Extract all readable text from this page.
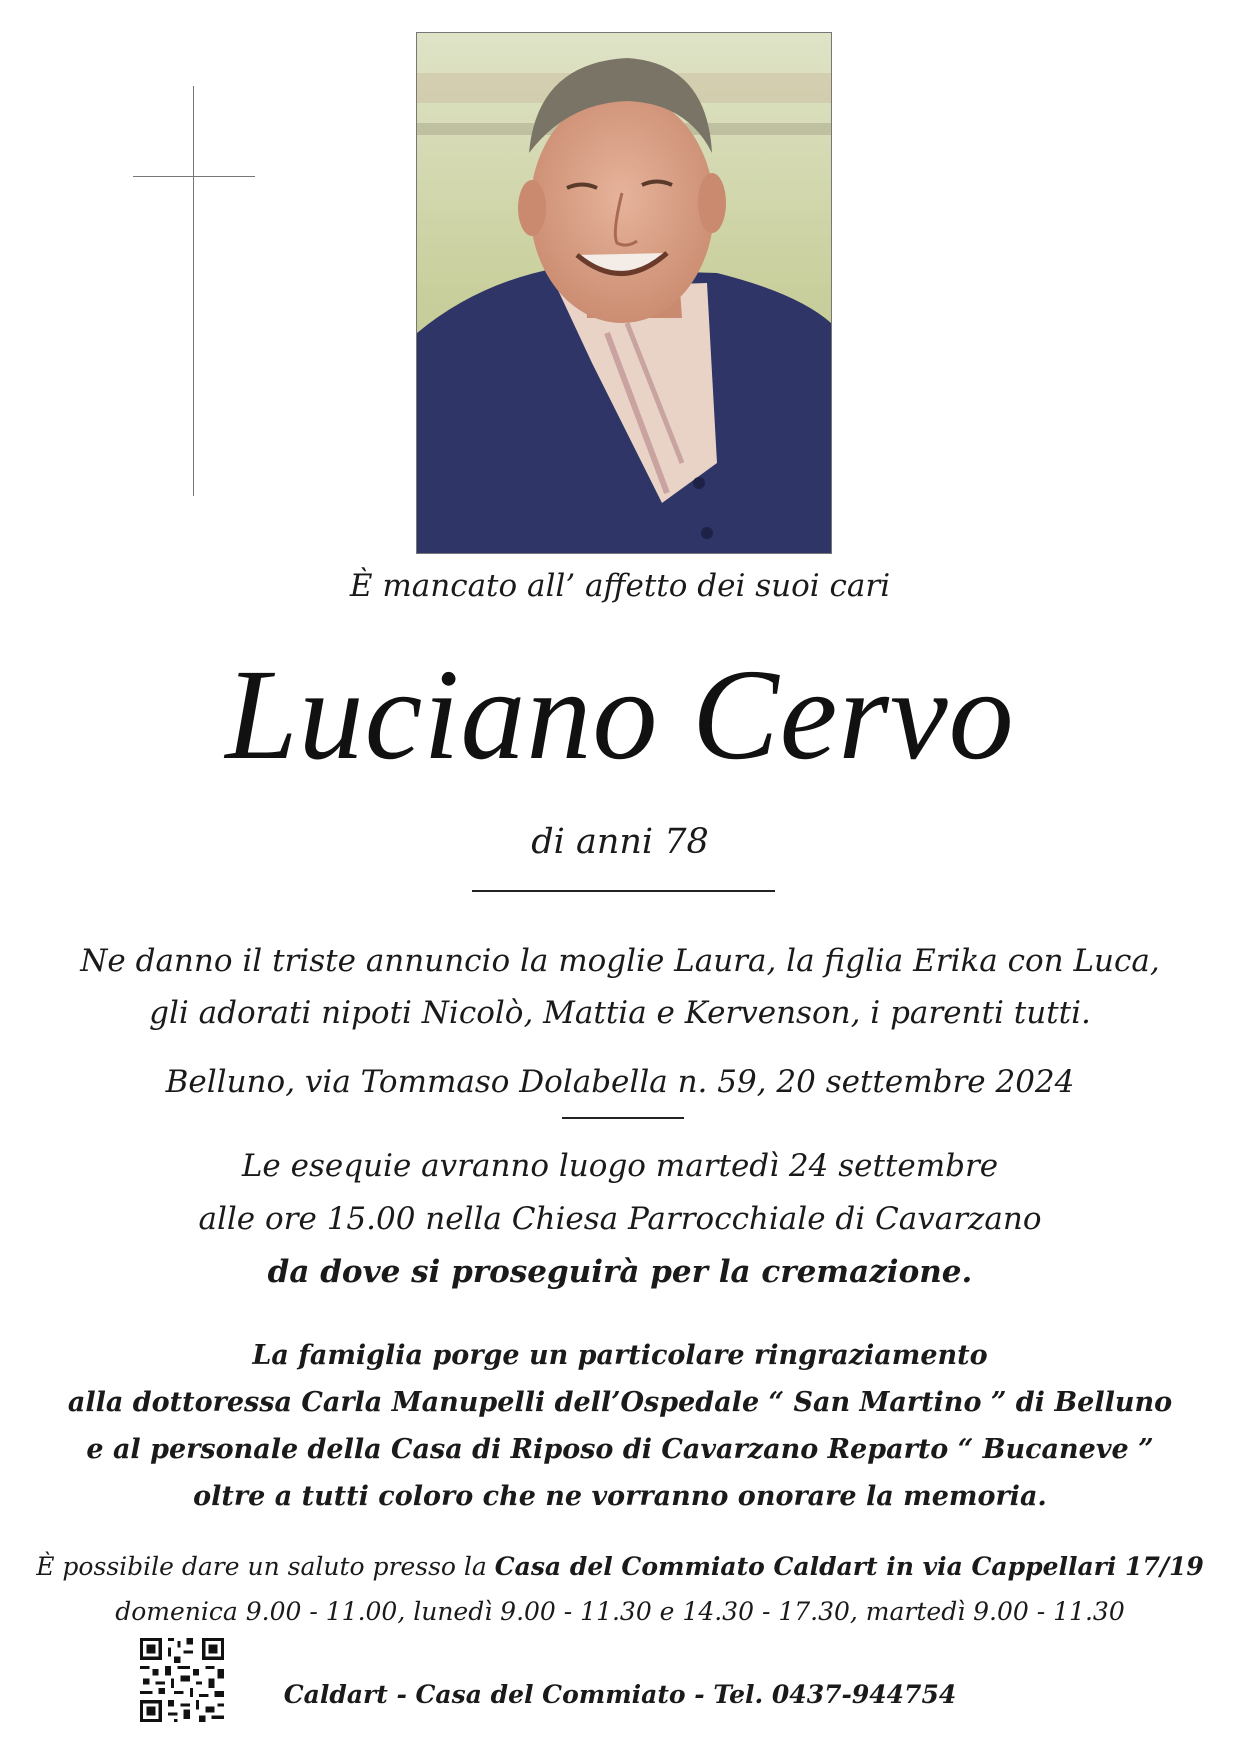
È mancato all’ affetto dei suoi cari
Luciano Cervo
di anni 78
Ne danno il triste annuncio la moglie Laura, la figlia Erika con Luca,
gli adorati nipoti Nicolò, Mattia e Kervenson, i parenti tutti.
Belluno, via Tommaso Dolabella n. 59, 20 settembre 2024
Le esequie avranno luogo martedì 24 settembre
alle ore 15.00 nella Chiesa Parrocchiale di Cavarzano
da dove si proseguirà per la cremazione.
La famiglia porge un particolare ringraziamento
alla dottoressa Carla Manupelli dell’Ospedale “ San Martino ” di Belluno
e al personale della Casa di Riposo di Cavarzano Reparto “ Bucaneve ”
oltre a tutti coloro che ne vorranno onorare la memoria.
È possibile dare un saluto presso la Casa del Commiato Caldart in via Cappellari 17/19
domenica 9.00 - 11.00, lunedì 9.00 - 11.30 e 14.30 - 17.30, martedì 9.00 - 11.30
Caldart - Casa del Commiato - Tel. 0437-944754
